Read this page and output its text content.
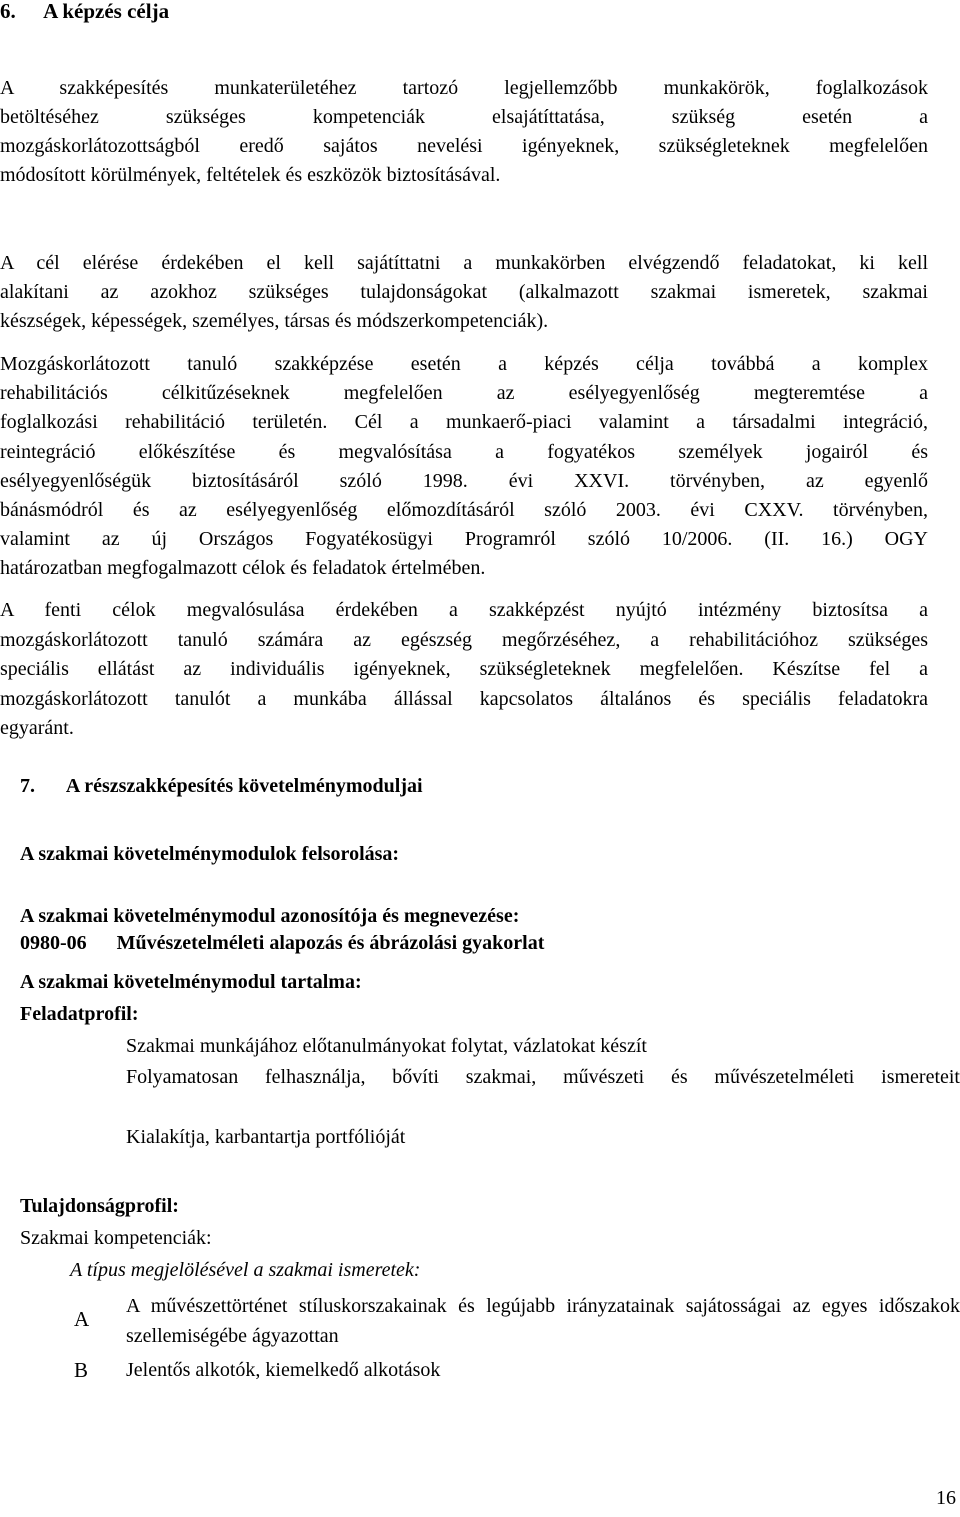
6. A képzés célja
A szakképesítés munkaterületéhez tartozó legjellemzőbb munkakörök, foglalkozások
betöltéséhez szükséges kompetenciák elsajátíttatása, szükség esetén a
mozgáskorlátozottságból eredő sajátos nevelési igényeknek, szükségleteknek megfelelően
módosított körülmények, feltételek és eszközök biztosításával.
A cél elérése érdekében el kell sajátíttatni a munkakörben elvégzendő feladatokat, ki kell
alakítani az azokhoz szükséges tulajdonságokat (alkalmazott szakmai ismeretek, szakmai
készségek, képességek, személyes, társas és módszerkompetenciák).
Mozgáskorlátozott tanuló szakképzése esetén a képzés célja továbbá a komplex
rehabilitációs célkitűzéseknek megfelelően az esélyegyenlőség megteremtése a
foglalkozási rehabilitáció területén. Cél a munkaerő-piaci valamint a társadalmi integráció,
reintegráció előkészítése és megvalósítása a fogyatékos személyek jogairól és
esélyegyenlőségük biztosításáról szóló 1998. évi XXVI. törvényben, az egyenlő
bánásmódról és az esélyegyenlőség előmozdításáról szóló 2003. évi CXXV. törvényben,
valamint az új Országos Fogyatékosügyi Programról szóló 10/2006. (II. 16.) OGY
határozatban megfogalmazott célok és feladatok értelmében.
A fenti célok megvalósulása érdekében a szakképzést nyújtó intézmény biztosítsa a
mozgáskorlátozott tanuló számára az egészség megőrzéséhez, a rehabilitációhoz szükséges
speciális ellátást az individuális igényeknek, szükségleteknek megfelelően. Készítse fel a
mozgáskorlátozott tanulót a munkába állással kapcsolatos általános és speciális feladatokra
egyaránt.
7. A részszakképesítés követelménymoduljai
A szakmai követelménymodulok felsorolása:
A szakmai követelménymodul azonosítója és megnevezése:
0980-06 Művészetelméleti alapozás és ábrázolási gyakorlat
A szakmai követelménymodul tartalma:
Feladatprofil:
Szakmai munkájához előtanulmányokat folytat, vázlatokat készít
Folyamatosan felhasználja, bővíti szakmai, művészeti és művészetelméleti ismereteit
Kialakítja, karbantartja portfólióját
Tulajdonságprofil:
Szakmai kompetenciák:
A típus megjelölésével a szakmai ismeretek:
A
A művészettörténet stíluskorszakainak és legújabb irányzatainak sajátosságai az egyes időszakok szellemiségébe ágyazottan
B	Jelentős alkotók, kiemelkedő alkotások
16
